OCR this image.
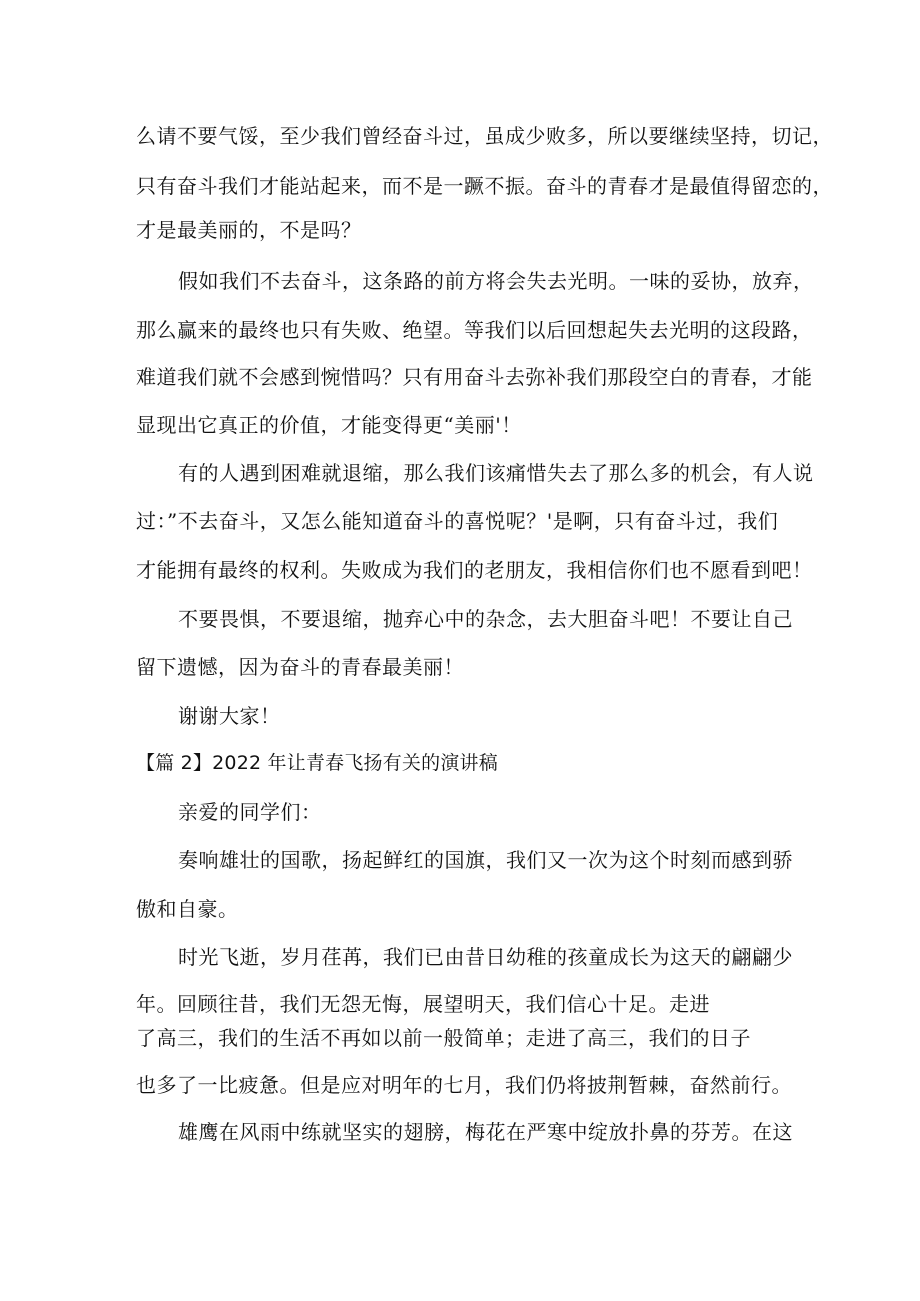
么请不要气馁，至少我们曾经奋斗过，虽成少败多，所以要继续坚持，切记，
只有奋斗我们才能站起来，而不是一蹶不振。奋斗的青春才是最值得留恋的，
才是最美丽的，不是吗？
假如我们不去奋斗，这条路的前方将会失去光明。一味的妥协，放弃，
那么赢来的最终也只有失败、绝望。等我们以后回想起失去光明的这段路，
难道我们就不会感到惋惜吗？只有用奋斗去弥补我们那段空白的青春，才能
显现出它真正的价值，才能变得更“美丽'！
有的人遇到困难就退缩，那么我们该痛惜失去了那么多的机会，有人说
过：”不去奋斗，又怎么能知道奋斗的喜悦呢？'是啊，只有奋斗过，我们
才能拥有最终的权利。失败成为我们的老朋友，我相信你们也不愿看到吧！
不要畏惧，不要退缩，抛弃心中的杂念，去大胆奋斗吧！不要让自己
留下遗憾，因为奋斗的青春最美丽！
谢谢大家！
【篇 2】2022 年让青春飞扬有关的演讲稿
亲爱的同学们：
奏响雄壮的国歌，扬起鲜红的国旗，我们又一次为这个时刻而感到骄
傲和自豪。
时光飞逝，岁月荏苒，我们已由昔日幼稚的孩童成长为这天的翩翩少
年。回顾往昔，我们无怨无悔，展望明天，我们信心十足。走进
了高三，我们的生活不再如以前一般简单；走进了高三，我们的日子
也多了一比疲惫。但是应对明年的七月，我们仍将披荆暂棘，奋然前行。
雄鹰在风雨中练就坚实的翅膀，梅花在严寒中绽放扑鼻的芬芳。在这
